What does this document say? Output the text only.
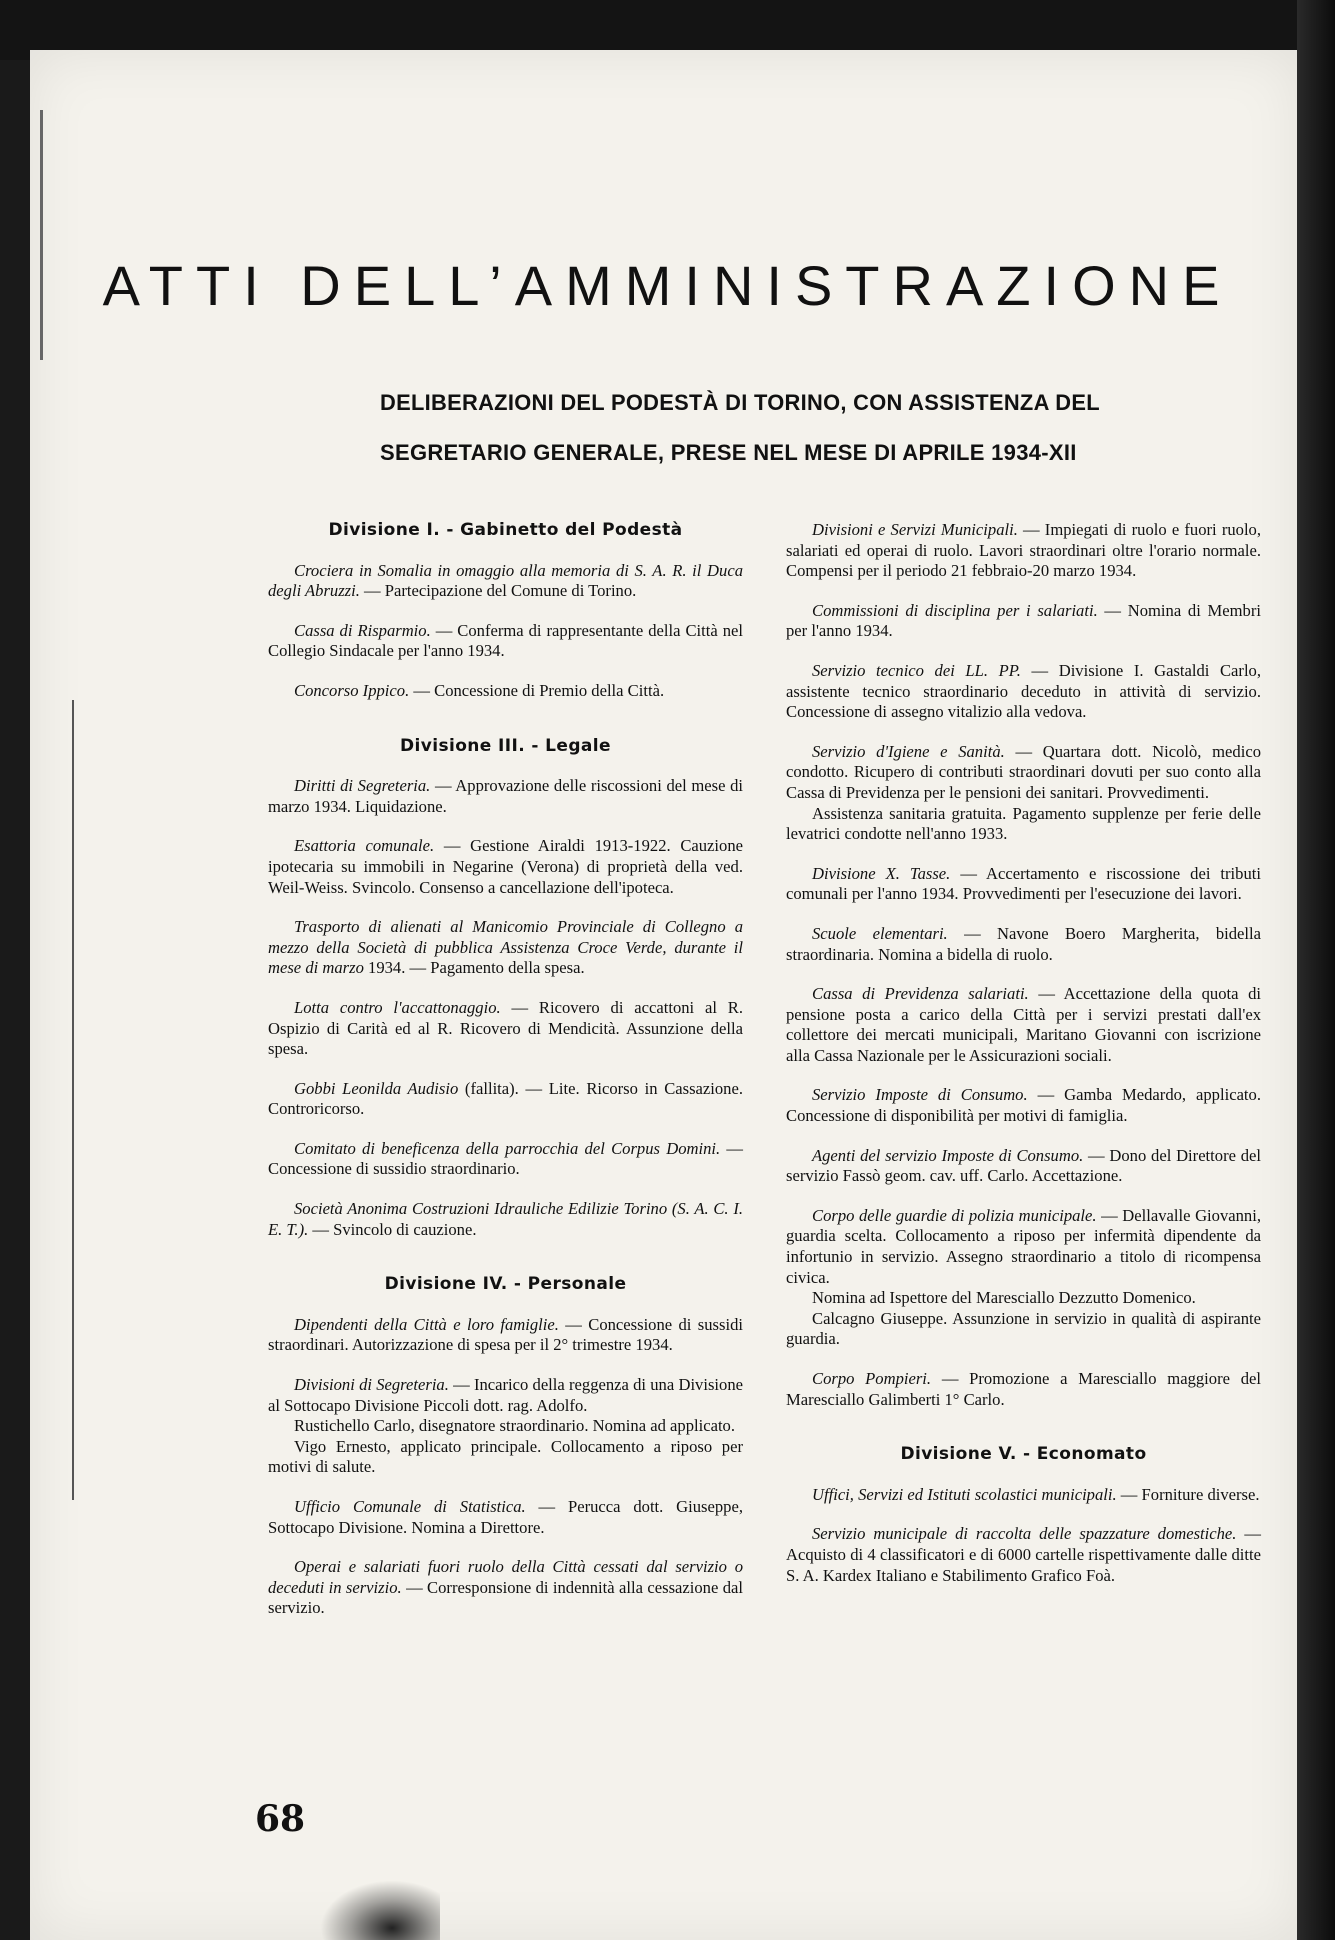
ATTI DELL’AMMINISTRAZIONE
DELIBERAZIONI DEL PODESTÀ DI TORINO, CON ASSISTENZA DEL
SEGRETARIO GENERALE, PRESE NEL MESE DI APRILE 1934-XII
Divisione I. - Gabinetto del Podestà

Crociera in Somalia in omaggio alla memoria di S. A. R. il Duca degli Abruzzi. — Partecipazione del Comune di Torino.

Cassa di Risparmio. — Conferma di rappresentante della Città nel Collegio Sindacale per l'anno 1934.

Concorso Ippico. — Concessione di Premio della Città.

Divisione III. - Legale

Diritti di Segreteria. — Approvazione delle riscossioni del mese di marzo 1934. Liquidazione.

Esattoria comunale. — Gestione Airaldi 1913-1922. Cauzione ipotecaria su immobili in Negarine (Verona) di proprietà della ved. Weil-Weiss. Svincolo. Consenso a cancellazione dell'ipoteca.

Trasporto di alienati al Manicomio Provinciale di Collegno a mezzo della Società di pubblica Assistenza Croce Verde, durante il mese di marzo 1934. — Pagamento della spesa.

Lotta contro l'accattonaggio. — Ricovero di accattoni al R. Ospizio di Carità ed al R. Ricovero di Mendicità. Assunzione della spesa.

Gobbi Leonilda Audisio (fallita). — Lite. Ricorso in Cassazione. Controricorso.

Comitato di beneficenza della parrocchia del Corpus Domini. — Concessione di sussidio straordinario.

Società Anonima Costruzioni Idrauliche Edilizie Torino (S. A. C. I. E. T.). — Svincolo di cauzione.

Divisione IV. - Personale

Dipendenti della Città e loro famiglie. — Concessione di sussidi straordinari. Autorizzazione di spesa per il 2° trimestre 1934.

Divisioni di Segreteria. — Incarico della reggenza di una Divisione al Sottocapo Divisione Piccoli dott. rag. Adolfo.
Rustichello Carlo, disegnatore straordinario. Nomina ad applicato.
Vigo Ernesto, applicato principale. Collocamento a riposo per motivi di salute.

Ufficio Comunale di Statistica. — Perucca dott. Giuseppe, Sottocapo Divisione. Nomina a Direttore.

Operai e salariati fuori ruolo della Città cessati dal servizio o deceduti in servizio. — Corresponsione di indennità alla cessazione dal servizio.

Divisioni e Servizi Municipali. — Impiegati di ruolo e fuori ruolo, salariati ed operai di ruolo. Lavori straordinari oltre l'orario normale. Compensi per il periodo 21 febbraio-20 marzo 1934.

Commissioni di disciplina per i salariati. — Nomina di Membri per l'anno 1934.

Servizio tecnico dei LL. PP. — Divisione I. Gastaldi Carlo, assistente tecnico straordinario deceduto in attività di servizio. Concessione di assegno vitalizio alla vedova.

Servizio d'Igiene e Sanità. — Quartara dott. Nicolò, medico condotto. Ricupero di contributi straordinari dovuti per suo conto alla Cassa di Previdenza per le pensioni dei sanitari. Provvedimenti.
Assistenza sanitaria gratuita. Pagamento supplenze per ferie delle levatrici condotte nell'anno 1933.

Divisione X. Tasse. — Accertamento e riscossione dei tributi comunali per l'anno 1934. Provvedimenti per l'esecuzione dei lavori.

Scuole elementari. — Navone Boero Margherita, bidella straordinaria. Nomina a bidella di ruolo.

Cassa di Previdenza salariati. — Accettazione della quota di pensione posta a carico della Città per i servizi prestati dall'ex collettore dei mercati municipali, Maritano Giovanni con iscrizione alla Cassa Nazionale per le Assicurazioni sociali.

Servizio Imposte di Consumo. — Gamba Medardo, applicato. Concessione di disponibilità per motivi di famiglia.

Agenti del servizio Imposte di Consumo. — Dono del Direttore del servizio Fassò geom. cav. uff. Carlo. Accettazione.

Corpo delle guardie di polizia municipale. — Dellavalle Giovanni, guardia scelta. Collocamento a riposo per infermità dipendente da infortunio in servizio. Assegno straordinario a titolo di ricompensa civica.
Nomina ad Ispettore del Maresciallo Dezzutto Domenico.
Calcagno Giuseppe. Assunzione in servizio in qualità di aspirante guardia.

Corpo Pompieri. — Promozione a Maresciallo maggiore del Maresciallo Galimberti 1° Carlo.

Divisione V. - Economato

Uffici, Servizi ed Istituti scolastici municipali. — Forniture diverse.

Servizio municipale di raccolta delle spazzature domestiche. — Acquisto di 4 classificatori e di 6000 cartelle rispettivamente dalle ditte S. A. Kardex Italiano e Stabilimento Grafico Foà.

68
